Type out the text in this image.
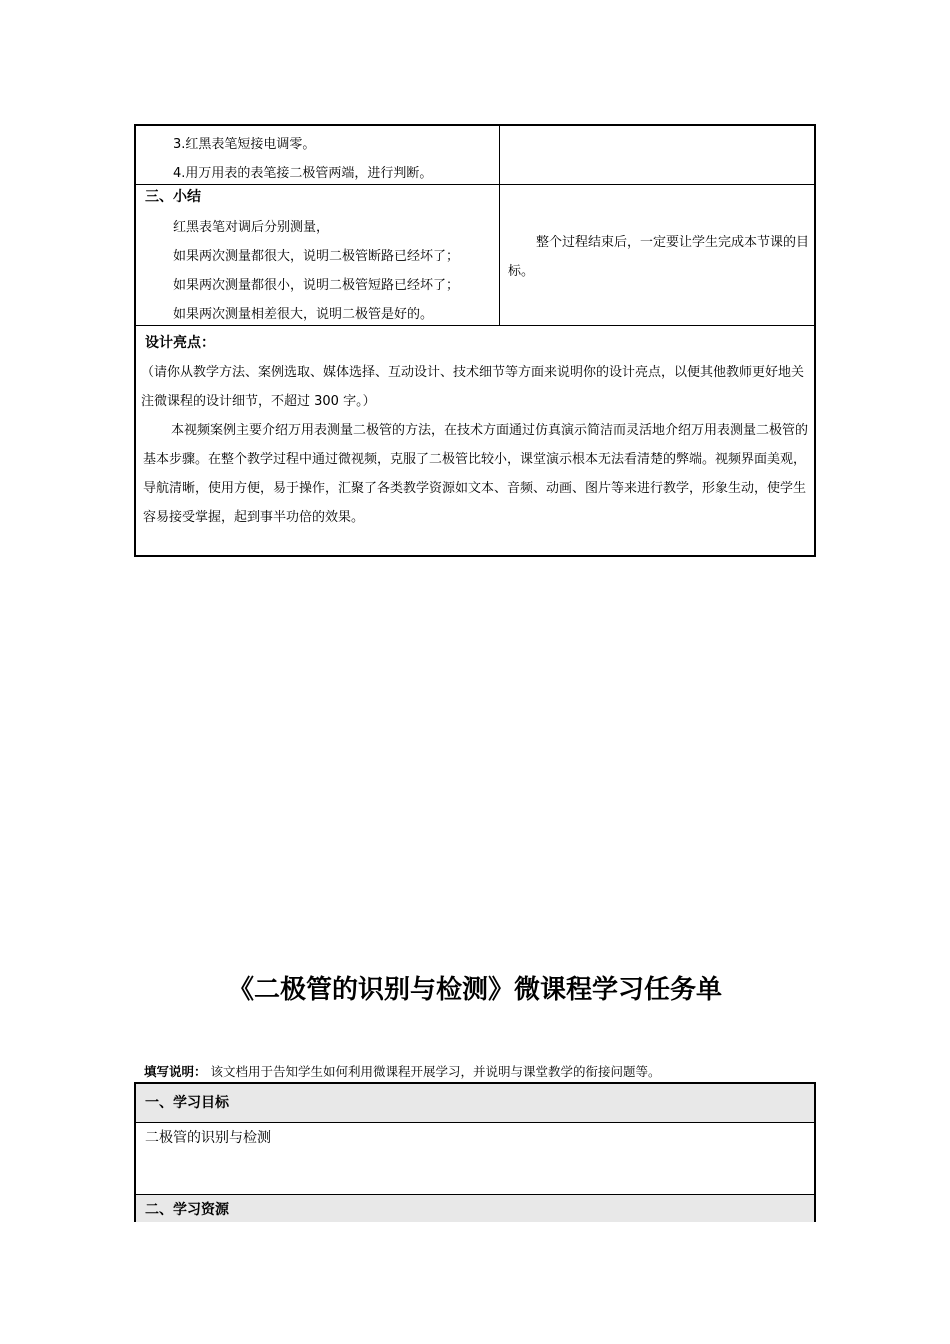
3.红黑表笔短接电调零。
4.用万用表的表笔接二极管两端，进行判断。
三、小结
红黑表笔对调后分别测量，
如果两次测量都很大，说明二极管断路已经坏了；
如果两次测量都很小，说明二极管短路已经坏了；
如果两次测量相差很大，说明二极管是好的。
整个过程结束后，一定要让学生完成本节课的目标。
设计亮点：
（请你从教学方法、案例选取、媒体选择、互动设计、技术细节等方面来说明你的设计亮点，以便其他教师更好地关注微课程的设计细节，不超过 300 字。）
本视频案例主要介绍万用表测量二极管的方法，在技术方面通过仿真演示简洁而灵活地介绍万用表测量二极管的基本步骤。在整个教学过程中通过微视频，克服了二极管比较小，课堂演示根本无法看清楚的弊端。视频界面美观，导航清晰，使用方便，易于操作，汇聚了各类教学资源如文本、音频、动画、图片等来进行教学，形象生动，使学生容易接受掌握，起到事半功倍的效果。
《二极管的识别与检测》微课程学习任务单
填写说明： 该文档用于告知学生如何利用微课程开展学习，并说明与课堂教学的衔接问题等。
一、学习目标
二极管的识别与检测
二、学习资源
